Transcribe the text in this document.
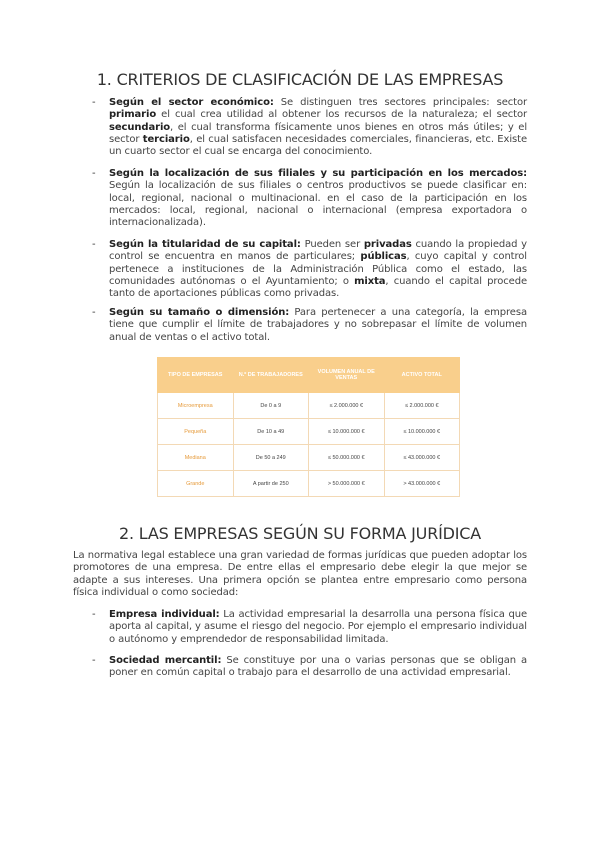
1. CRITERIOS DE CLASIFICACIÓN DE LAS EMPRESAS
- Según el sector económico: Se distinguen tres sectores principales: sector primario el cual crea utilidad al obtener los recursos de la naturaleza; el sector secundario, el cual transforma físicamente unos bienes en otros más útiles; y el sector terciario, el cual satisfacen necesidades comerciales, financieras, etc. Existe un cuarto sector el cual se encarga del conocimiento.

- Según la localización de sus filiales y su participación en los mercados: Según la localización de sus filiales o centros productivos se puede clasificar en: local, regional, nacional o multinacional. en el caso de la participación en los mercados: local, regional, nacional o internacional (empresa exportadora o internacionalizada).

- Según la titularidad de su capital: Pueden ser privadas cuando la propiedad y control se encuentra en manos de particulares; públicas, cuyo capital y control pertenece a instituciones de la Administración Pública como el estado, las comunidades autónomas o el Ayuntamiento; o mixta, cuando el capital procede tanto de aportaciones públicas como privadas.

- Según su tamaño o dimensión: Para pertenecer a una categoría, la empresa tiene que cumplir el límite de trabajadores y no sobrepasar el límite de volumen anual de ventas o el activo total.

TIPO DE EMPRESAS	N.º DE TRABAJADORES	VOLUMEN ANUAL DE VENTAS	ACTIVO TOTAL
Microempresa	De 0 a 9	≤ 2.000.000 €	≤ 2.000.000 €
Pequeña	De 10 a 49	≤ 10.000.000 €	≤ 10.000.000 €
Mediana	De 50 a 249	≤ 50.000.000 €	≤ 43.000.000 €
Grande	A partir de 250	> 50.000.000 €	> 43.000.000 €
2. LAS EMPRESAS SEGÚN SU FORMA JURÍDICA

La normativa legal establece una gran variedad de formas jurídicas que pueden adoptar los promotores de una empresa. De entre ellas el empresario debe elegir la que mejor se adapte a sus intereses. Una primera opción se plantea entre empresario como persona física individual o como sociedad:

- Empresa individual: La actividad empresarial la desarrolla una persona física que aporta al capital, y asume el riesgo del negocio. Por ejemplo el empresario individual o autónomo y emprendedor de responsabilidad limitada.

- Sociedad mercantil: Se constituye por una o varias personas que se obligan a poner en común capital o trabajo para el desarrollo de una actividad empresarial.
